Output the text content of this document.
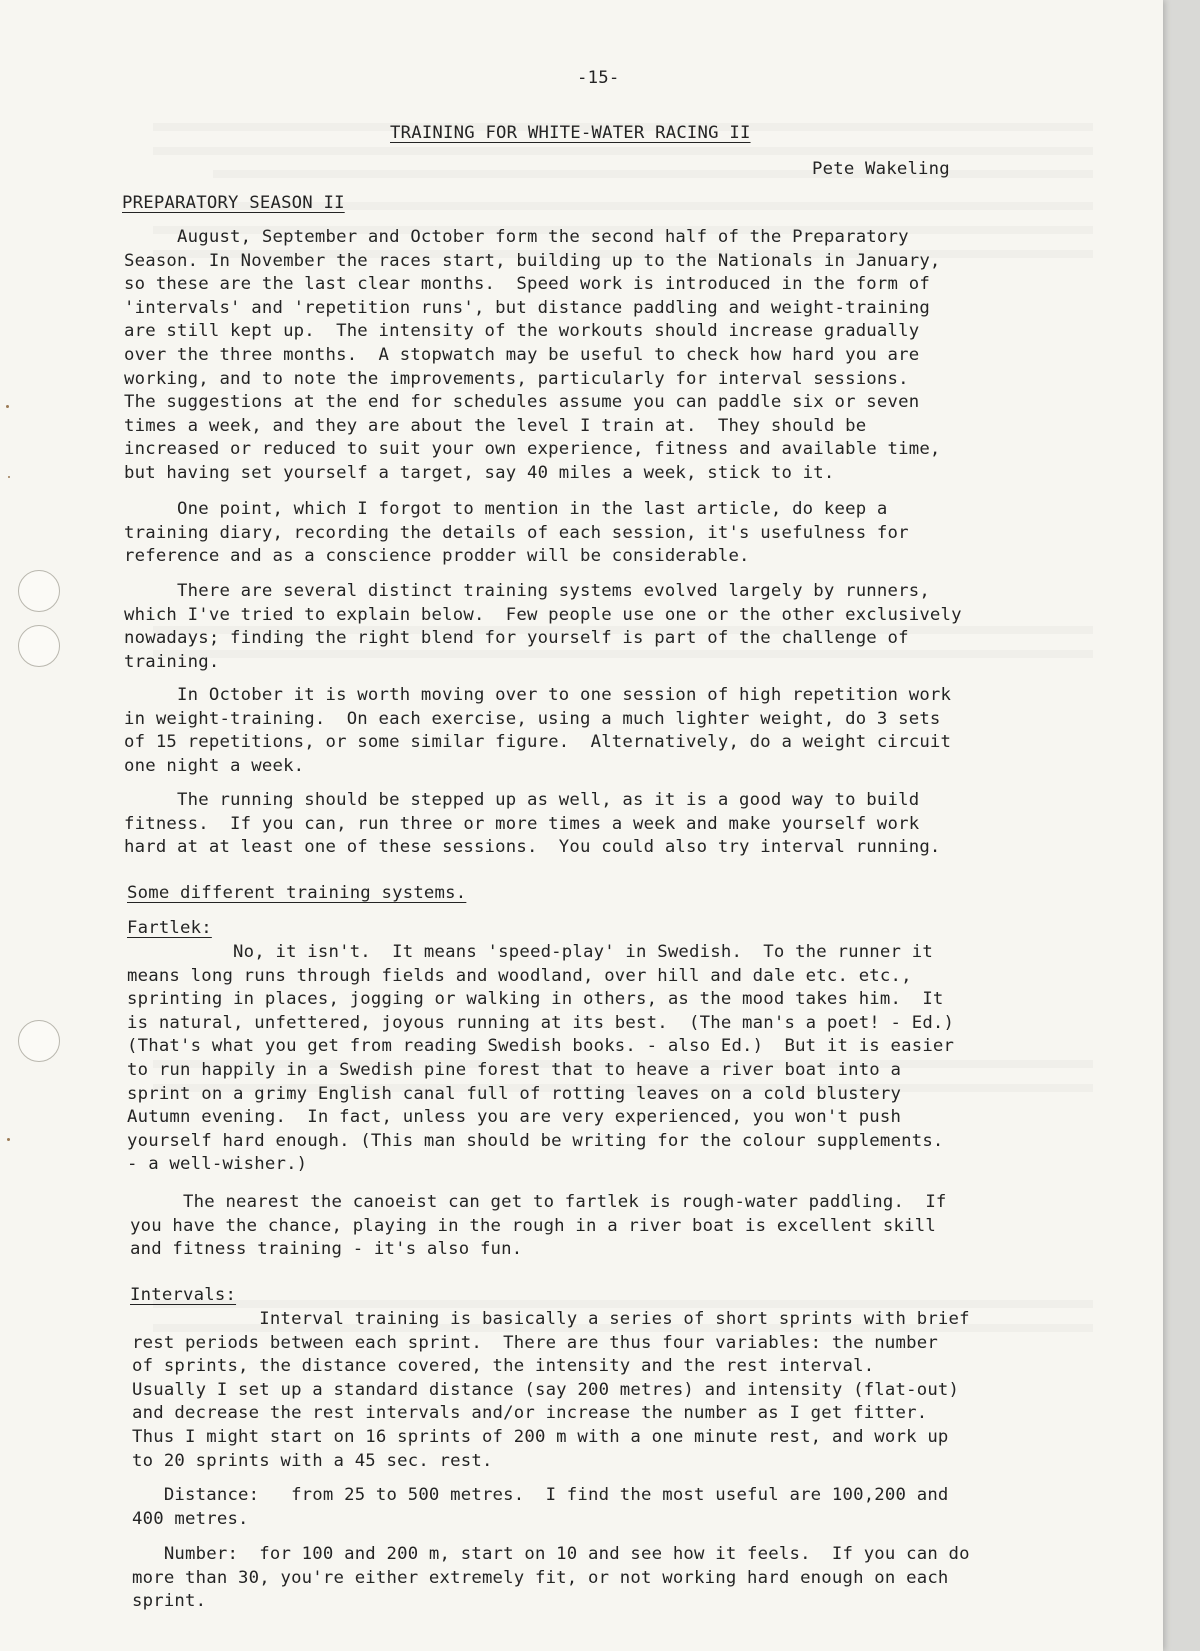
-15-
TRAINING FOR WHITE-WATER RACING II
Pete Wakeling
PREPARATORY SEASON II
August, September and October form the second half of the Preparatory
Season. In November the races start, building up to the Nationals in January,
so these are the last clear months.  Speed work is introduced in the form of
'intervals' and 'repetition runs', but distance paddling and weight-training
are still kept up.  The intensity of the workouts should increase gradually
over the three months.  A stopwatch may be useful to check how hard you are
working, and to note the improvements, particularly for interval sessions.
The suggestions at the end for schedules assume you can paddle six or seven
times a week, and they are about the level I train at.  They should be
increased or reduced to suit your own experience, fitness and available time,
but having set yourself a target, say 40 miles a week, stick to it.
One point, which I forgot to mention in the last article, do keep a
training diary, recording the details of each session, it's usefulness for
reference and as a conscience prodder will be considerable.
There are several distinct training systems evolved largely by runners,
which I've tried to explain below.  Few people use one or the other exclusively
nowadays; finding the right blend for yourself is part of the challenge of
training.
In October it is worth moving over to one session of high repetition work
in weight-training.  On each exercise, using a much lighter weight, do 3 sets
of 15 repetitions, or some similar figure.  Alternatively, do a weight circuit
one night a week.
The running should be stepped up as well, as it is a good way to build
fitness.  If you can, run three or more times a week and make yourself work
hard at at least one of these sessions.  You could also try interval running.
Some different training systems.
Fartlek:
No, it isn't.  It means 'speed-play' in Swedish.  To the runner it
means long runs through fields and woodland, over hill and dale etc. etc.,
sprinting in places, jogging or walking in others, as the mood takes him.  It
is natural, unfettered, joyous running at its best.  (The man's a poet! - Ed.)
(That's what you get from reading Swedish books. - also Ed.)  But it is easier
to run happily in a Swedish pine forest that to heave a river boat into a
sprint on a grimy English canal full of rotting leaves on a cold blustery
Autumn evening.  In fact, unless you are very experienced, you won't push
yourself hard enough. (This man should be writing for the colour supplements.
- a well-wisher.)
The nearest the canoeist can get to fartlek is rough-water paddling.  If
you have the chance, playing in the rough in a river boat is excellent skill
and fitness training - it's also fun.
Intervals:
Interval training is basically a series of short sprints with brief
rest periods between each sprint.  There are thus four variables: the number
of sprints, the distance covered, the intensity and the rest interval.
Usually I set up a standard distance (say 200 metres) and intensity (flat-out)
and decrease the rest intervals and/or increase the number as I get fitter.
Thus I might start on 16 sprints of 200 m with a one minute rest, and work up
to 20 sprints with a 45 sec. rest.
Distance:   from 25 to 500 metres.  I find the most useful are 100,200 and
400 metres.
Number:  for 100 and 200 m, start on 10 and see how it feels.  If you can do
more than 30, you're either extremely fit, or not working hard enough on each
sprint.
